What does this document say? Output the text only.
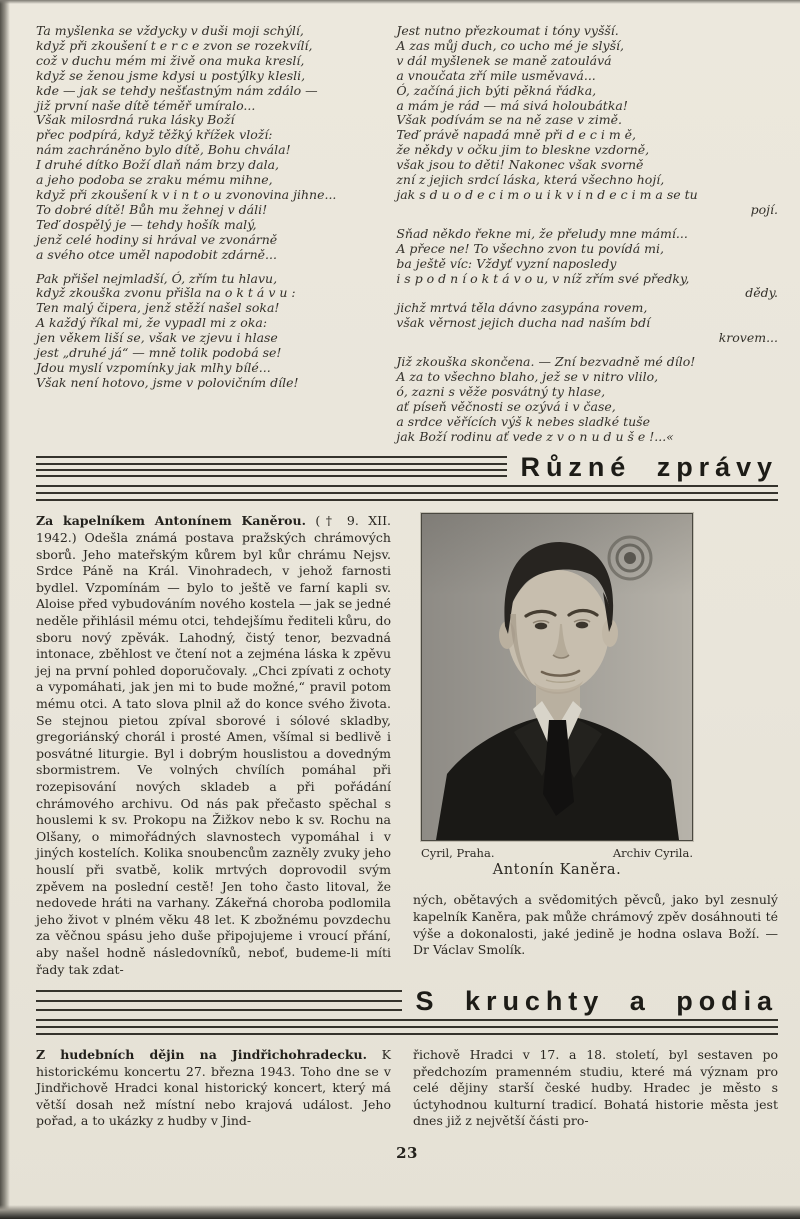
Ta myšlenka se vždycky v duši moji schýlí,
když při zkoušení t e r c e zvon se rozekvílí,
což v duchu mém mi živě ona muka kreslí,
když se ženou jsme kdysi u postýlky klesli,
kde — jak se tehdy nešťastným nám zdálo —
již první naše dítě téměř umíralo...
Však milosrdná ruka lásky Boží
přec podpírá, když těžký křížek vloží:
nám zachráněno bylo dítě, Bohu chvála!
I druhé dítko Boží dlaň nám brzy dala,
a jeho podoba se zraku mému mihne,
když při zkoušení k v i n t o u zvonovina jihne...
To dobré dítě! Bůh mu žehnej v dáli!
Teď dospělý je — tehdy hošík malý,
jenž celé hodiny si hrával ve zvonárně
a svého otce uměl napodobit zdárně...
Pak přišel nejmladší, Ó, zřím tu hlavu,
když zkouška zvonu přišla na o k t á v u :
Ten malý čipera, jenž stěží našel soka!
A každý říkal mi, že vypadl mi z oka:
jen věkem liší se, však ve zjevu i hlase
jest „druhé já“ — mně tolik podobá se!
Jdou myslí vzpomínky jak mlhy bílé...
Však není hotovo, jsme v polovičním díle!
Jest nutno přezkoumat i tóny vyšší.
A zas můj duch, co ucho mé je slyší,
v dál myšlenek se maně zatoulává
a vnoučata zří mile usměvavá...
Ó, začíná jich býti pěkná řádka,
a mám je rád — má sivá holoubátka!
Však podívám se na ně zase v zimě.
Teď právě napadá mně při d e c i m ě,
že někdy v očku jim to bleskne vzdorně,
však jsou to děti! Nakonec však svorně
zní z jejich srdcí láska, která všechno hojí,
jak s d u o d e c i m o u i k v i n d e c i m a se tu
pojí.
Sňad někdo řekne mi, že přeludy mne mámí...
A přece ne! To všechno zvon tu povídá mi,
ba ještě víc: Vždyť vyzní naposledy
i s p o d n í o k t á v o u, v níž zřím své předky,
dědy.
jichž mrtvá těla dávno zasypána rovem,
však věrnost jejich ducha nad naším bdí
krovem...
Již zkouška skončena. — Zní bezvadně mé dílo!
A za to všechno blaho, jež se v nitro vlilo,
ó, zazni s věže posvátný ty hlase,
ať píseň věčnosti se ozývá i v čase,
a srdce věřících výš k nebes sladké tuše
jak Boží rodinu ať vede z v o n u d u š e !...«
Různé zprávy

Za kapelníkem Antonínem Kaněrou. († 9. XII. 1942.) Odešla známá postava pražských chrámových sborů. Jeho mateřským kůrem byl kůr chrámu Nejsv. Srdce Páně na Král. Vinohradech, v jehož farnosti bydlel. Vzpomínám — bylo to ještě ve farní kapli sv. Aloise před vybudováním nového kostela — jak se jedné neděle přihlásil mému otci, tehdejšímu řediteli kůru, do sboru nový zpěvák. Lahodný, čistý tenor, bezvadná intonace, zběhlost ve čtení not a zejména láska k zpěvu jej na první pohled doporučovaly. „Chci zpívati z ochoty a vypomáhati, jak jen mi to bude možné,“ pravil potom mému otci. A tato slova plnil až do konce svého života. Se stejnou pietou zpíval sborové i sólové skladby, gregoriánský chorál i prosté Amen, všímal si bedlivě i posvátné liturgie. Byl i dobrým houslistou a dovedným sbormistrem. Ve volných chvílích pomáhal při rozepisování nových skladeb a při pořádání chrámového archivu. Od nás pak přečasto spěchal s houslemi k sv. Prokopu na Žižkov nebo k sv. Rochu na Olšany, o mimořádných slavnostech vypomáhal i v jiných kostelích. Kolika snoubencům zazněly zvuky jeho houslí při svatbě, kolik mrtvých doprovodil svým zpěvem na poslední cestě! Jen toho často litoval, že nedovede hráti na varhany. Zákeřná choroba podlomila jeho život v plném věku 48 let. K zbožnému povzdechu za věčnou spásu jeho duše připojujeme i vroucí přání, aby našel hodně následovníků, neboť, budeme-li míti řady tak zdat-

Cyril, Praha.	Archiv Cyrila.
Antonín Kaněra.

ných, obětavých a svědomitých pěvců, jako byl zesnulý kapelník Kaněra, pak může chrámový zpěv dosáhnouti té výše a dokonalosti, jaké jedině je hodna oslava Boží. — Dr Václav Smolík.

S kruchty a podia

Z hudebních dějin na Jindřichohradecku. K historickému koncertu 27. března 1943. Toho dne se v Jindřichově Hradci konal historický koncert, který má větší dosah než místní nebo krajová událost. Jeho pořad, a to ukázky z hudby v Jind-

řichově Hradci v 17. a 18. století, byl sestaven po předchozím pramenném studiu, které má význam pro celé dějiny starší české hudby. Hradec je město s úctyhodnou kulturní tradicí. Bohatá historie města jest dnes již z největší části pro-

23
